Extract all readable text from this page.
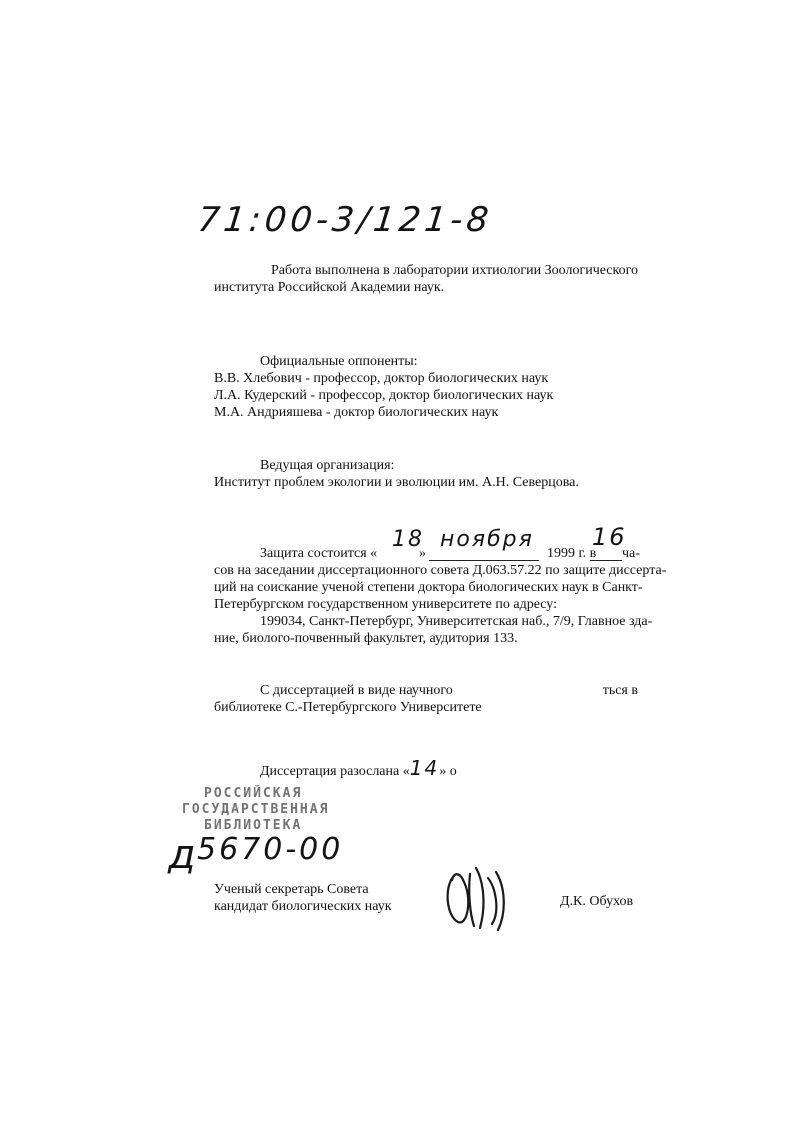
71:00-3/121-8
Работа выполнена в лаборатории ихтиологии Зоологического
института Российской Академии наук.
Официальные оппоненты:
В.В. Хлебович - профессор, доктор биологических наук
Л.А. Кудерский - профессор, доктор биологических наук
М.А. Андрияшева - доктор биологических наук
Ведущая организация:
Институт проблем экологии и эволюции им. А.Н. Северцова.
Защита состоится «
18
»
ноября
1999 г. в
16
ча-
сов на заседании диссертационного совета Д.063.57.22 по защите диссерта-
ций на соискание ученой степени доктора биологических наук в Санкт-
Петербургском государственном университете по адресу:
199034, Санкт-Петербург, Университетская наб., 7/9, Главное зда-
ние, биолого-почвенный факультет, аудитория 133.
С диссертацией в виде научного	ться в
библиотеке С.-Петербургского Университете
Диссертация разослана «14» о
РОССИЙСКАЯ
ГОСУДАРСТВЕННАЯ
БИБЛИОТЕКА
д 5670-00
Ученый секретарь Совета
кандидат биологических наук	Д.К. Обухов
